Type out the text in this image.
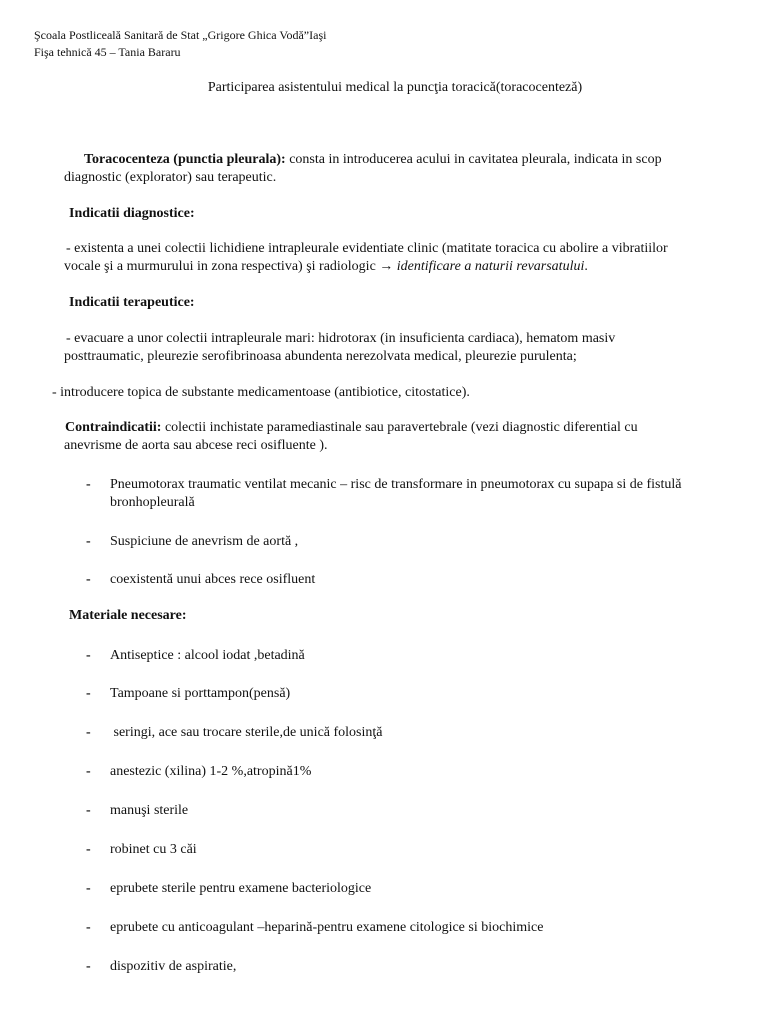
Şcoala Postliceală Sanitară de Stat „Grigore Ghica Vodă”Iaşi
Fişa tehnică 45 – Tania Bararu
Participarea asistentului medical la puncţia toracică(toracocenteză)
Toracocenteza (punctia pleurala): consta in introducerea acului in cavitatea pleurala, indicata in scop
diagnostic (explorator) sau terapeutic.
Indicatii diagnostice:
- existenta a unei colectii lichidiene intrapleurale evidentiate clinic (matitate toracica cu abolire a vibratiilor
vocale şi a murmurului in zona respectiva) şi radiologic → identificare a naturii revarsatului.
Indicatii terapeutice:
- evacuare a unor colectii intrapleurale mari: hidrotorax (in insuficienta cardiaca), hematom masiv
posttraumatic, pleurezie serofibrinoasa abundenta nerezolvata medical, pleurezie purulenta;
- introducere topica de substante medicamentoase (antibiotice, citostatice).
Contraindicatii: colectii inchistate paramediastinale sau paravertebrale (vezi diagnostic diferential cu
anevrisme de aorta sau abcese reci osifluente ).
- Pneumotorax traumatic ventilat mecanic – risc de transformare in pneumotorax cu supapa si de fistulă
bronhopleurală
- Suspiciune de anevrism de aortă ,
- coexistentă unui abces rece osifluent
Materiale necesare:
- Antiseptice : alcool iodat ,betadină
- Tampoane si porttampon(pensă)
- seringi, ace sau trocare sterile,de unică folosinţă
- anestezic (xilina) 1-2 %,atropină1%
- manuşi sterile
- robinet cu 3 căi
- eprubete sterile pentru examene bacteriologice
- eprubete cu anticoagulant –heparină-pentru examene citologice si biochimice
- dispozitiv de aspiratie,
